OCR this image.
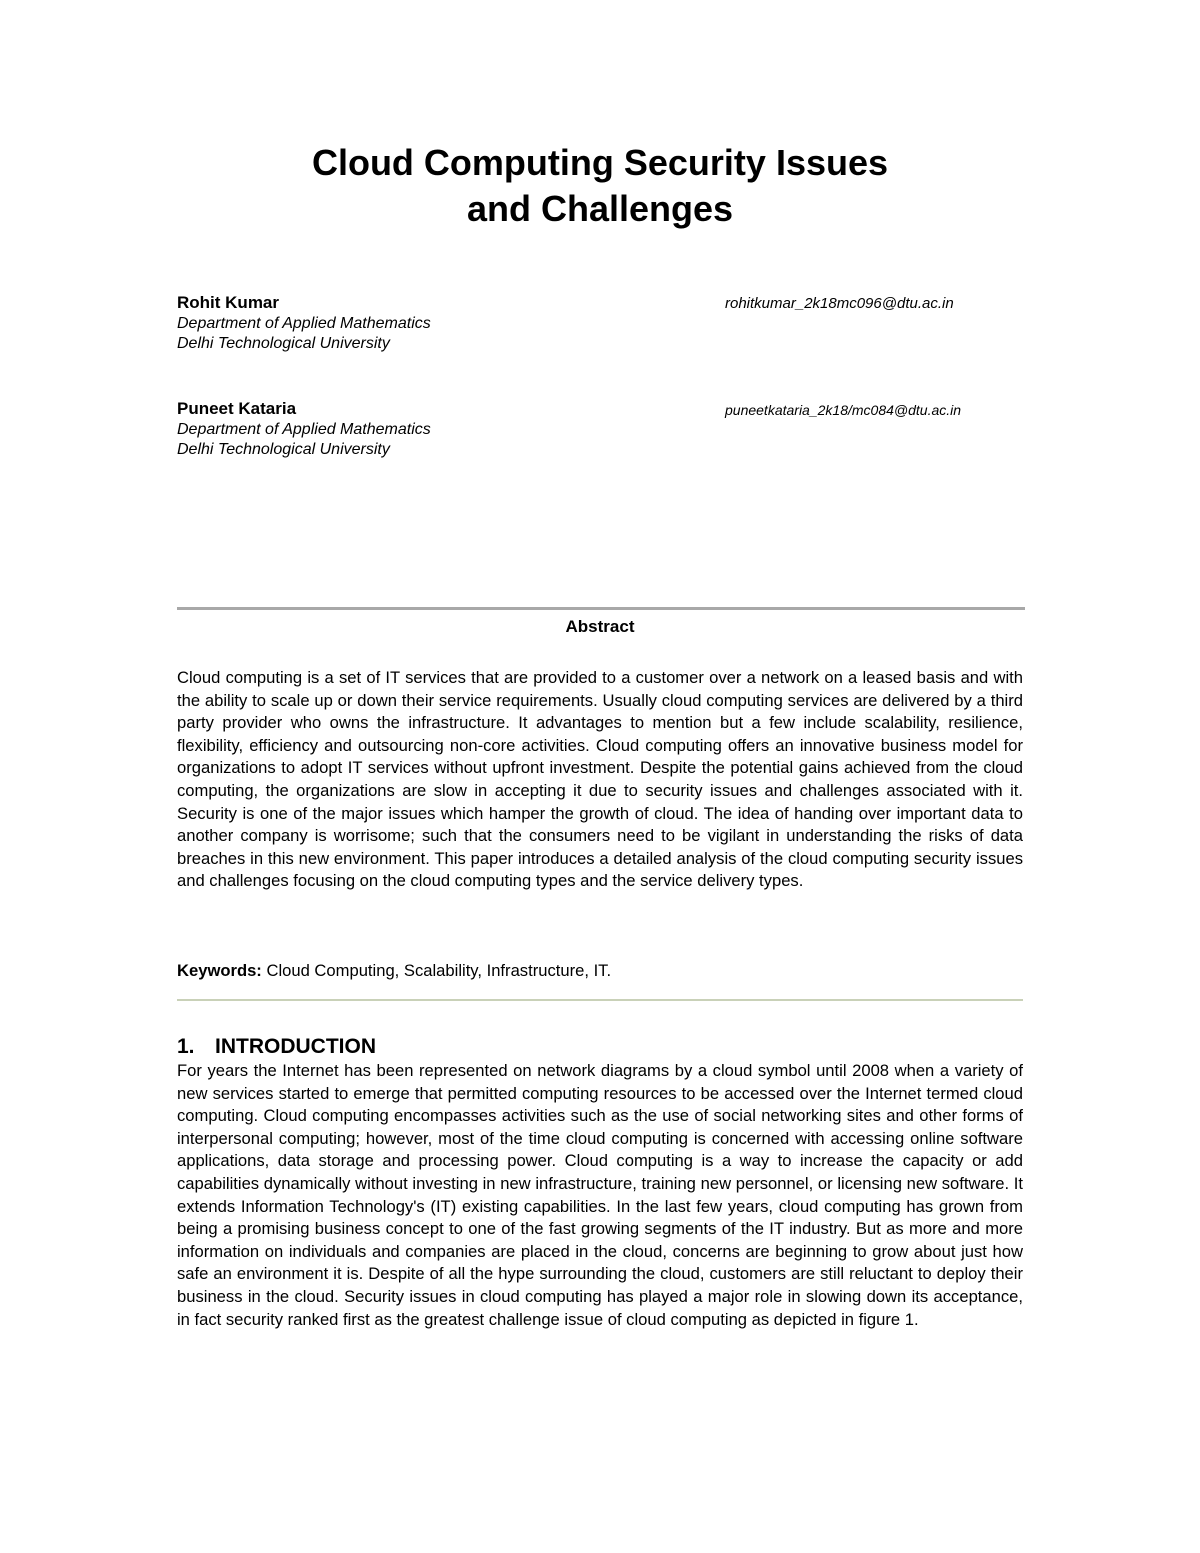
Cloud Computing Security Issues
and Challenges
Rohit Kumar
Department of Applied Mathematics
Delhi Technological University
rohitkumar_2k18mc096@dtu.ac.in
Puneet Kataria
Department of Applied Mathematics
Delhi Technological University
puneetkataria_2k18/mc084@dtu.ac.in
Abstract

Cloud computing is a set of IT services that are provided to a customer over a network on a leased basis and with the ability to scale up or down their service requirements. Usually cloud computing services are delivered by a third party provider who owns the infrastructure. It advantages to mention but a few include scalability, resilience, flexibility, efficiency and outsourcing non-core activities. Cloud computing offers an innovative business model for organizations to adopt IT services without upfront investment. Despite the potential gains achieved from the cloud computing, the organizations are slow in accepting it due to security issues and challenges associated with it. Security is one of the major issues which hamper the growth of cloud. The idea of handing over important data to another company is worrisome; such that the consumers need to be vigilant in understanding the risks of data breaches in this new environment. This paper introduces a detailed analysis of the cloud computing security issues and challenges focusing on the cloud computing types and the service delivery types.

Keywords: Cloud Computing, Scalability, Infrastructure, IT.
1. INTRODUCTION

For years the Internet has been represented on network diagrams by a cloud symbol until 2008 when a variety of new services started to emerge that permitted computing resources to be accessed over the Internet termed cloud computing. Cloud computing encompasses activities such as the use of social networking sites and other forms of interpersonal computing; however, most of the time cloud computing is concerned with accessing online software applications, data storage and processing power. Cloud computing is a way to increase the capacity or add capabilities dynamically without investing in new infrastructure, training new personnel, or licensing new software. It extends Information Technology's (IT) existing capabilities. In the last few years, cloud computing has grown from being a promising business concept to one of the fast growing segments of the IT industry. But as more and more information on individuals and companies are placed in the cloud, concerns are beginning to grow about just how safe an environment it is. Despite of all the hype surrounding the cloud, customers are still reluctant to deploy their business in the cloud. Security issues in cloud computing has played a major role in slowing down its acceptance, in fact security ranked first as the greatest challenge issue of cloud computing as depicted in figure 1.
